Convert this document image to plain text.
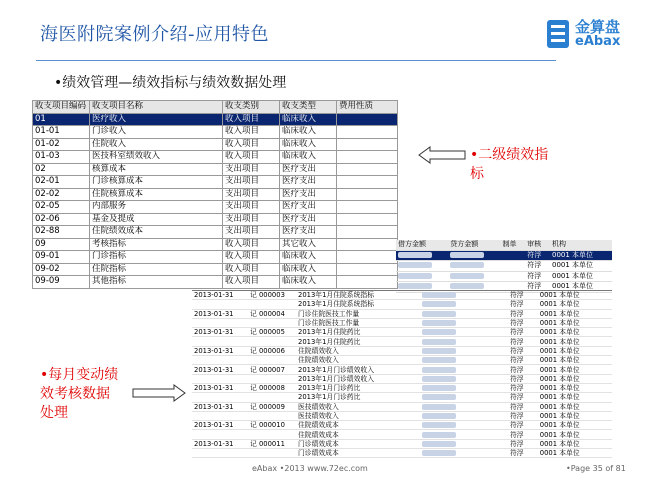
海医附院案例介绍-应用特色	金算盘
eAbax
•绩效管理—绩效指标与绩效数据处理
收支项目编码	收支项目名称	收支类别	收支类型	费用性质
01	医疗收入	收入项目	临床收入	
01-01	门诊收入	收入项目	临床收入	
01-02	住院收入	收入项目	临床收入	
01-03	医技科室绩效收入	收入项目	临床收入	
02	核算成本	支出项目	医疗支出	
02-01	门诊核算成本	支出项目	医疗支出	
02-02	住院核算成本	支出项目	医疗支出	
02-05	内部服务	支出项目	医疗支出	
02-06	基金及提成	支出项目	医疗支出	
02-88	住院绩效成本	支出项目	医疗支出	
09	考核指标	收入项目	其它收入	
09-01	门诊指标	收入项目	临床收入	
09-02	住院指标	收入项目	临床收入	
09-09	其他指标	收入项目	临床收入	
•二级绩效指
标
借方金额	贷方金额	制单	审核	机构
			符浮	0001 本单位
			符浮	0001 本单位
			符浮	0001 本单位
			符浮	0001 本单位
2013-01-31	记 000003	2013年1月住院系统指标		符浮	0001 本单位
		2013年1月住院系统指标		符浮	0001 本单位
2013-01-31	记 000004	门诊住院医技工作量		符浮	0001 本单位
		门诊住院医技工作量		符浮	0001 本单位
2013-01-31	记 000005	2013年1月住院药比		符浮	0001 本单位
		2013年1月住院药比		符浮	0001 本单位
2013-01-31	记 000006	住院绩效收入		符浮	0001 本单位
		住院绩效收入		符浮	0001 本单位
2013-01-31	记 000007	2013年1月门诊绩效收入		符浮	0001 本单位
		2013年1月门诊绩效收入		符浮	0001 本单位
2013-01-31	记 000008	2013年1月门诊药比		符浮	0001 本单位
		2013年1月门诊药比		符浮	0001 本单位
2013-01-31	记 000009	医技绩效收入		符浮	0001 本单位
		医技绩效收入		符浮	0001 本单位
2013-01-31	记 000010	住院绩效成本		符浮	0001 本单位
		住院绩效成本		符浮	0001 本单位
2013-01-31	记 000011	门诊绩效成本		符浮	0001 本单位
		门诊绩效成本		符浮	0001 本单位
•每月变动绩
效考核数据
处理
eAbax •2013 www.72ec.com	•Page 35 of 81
